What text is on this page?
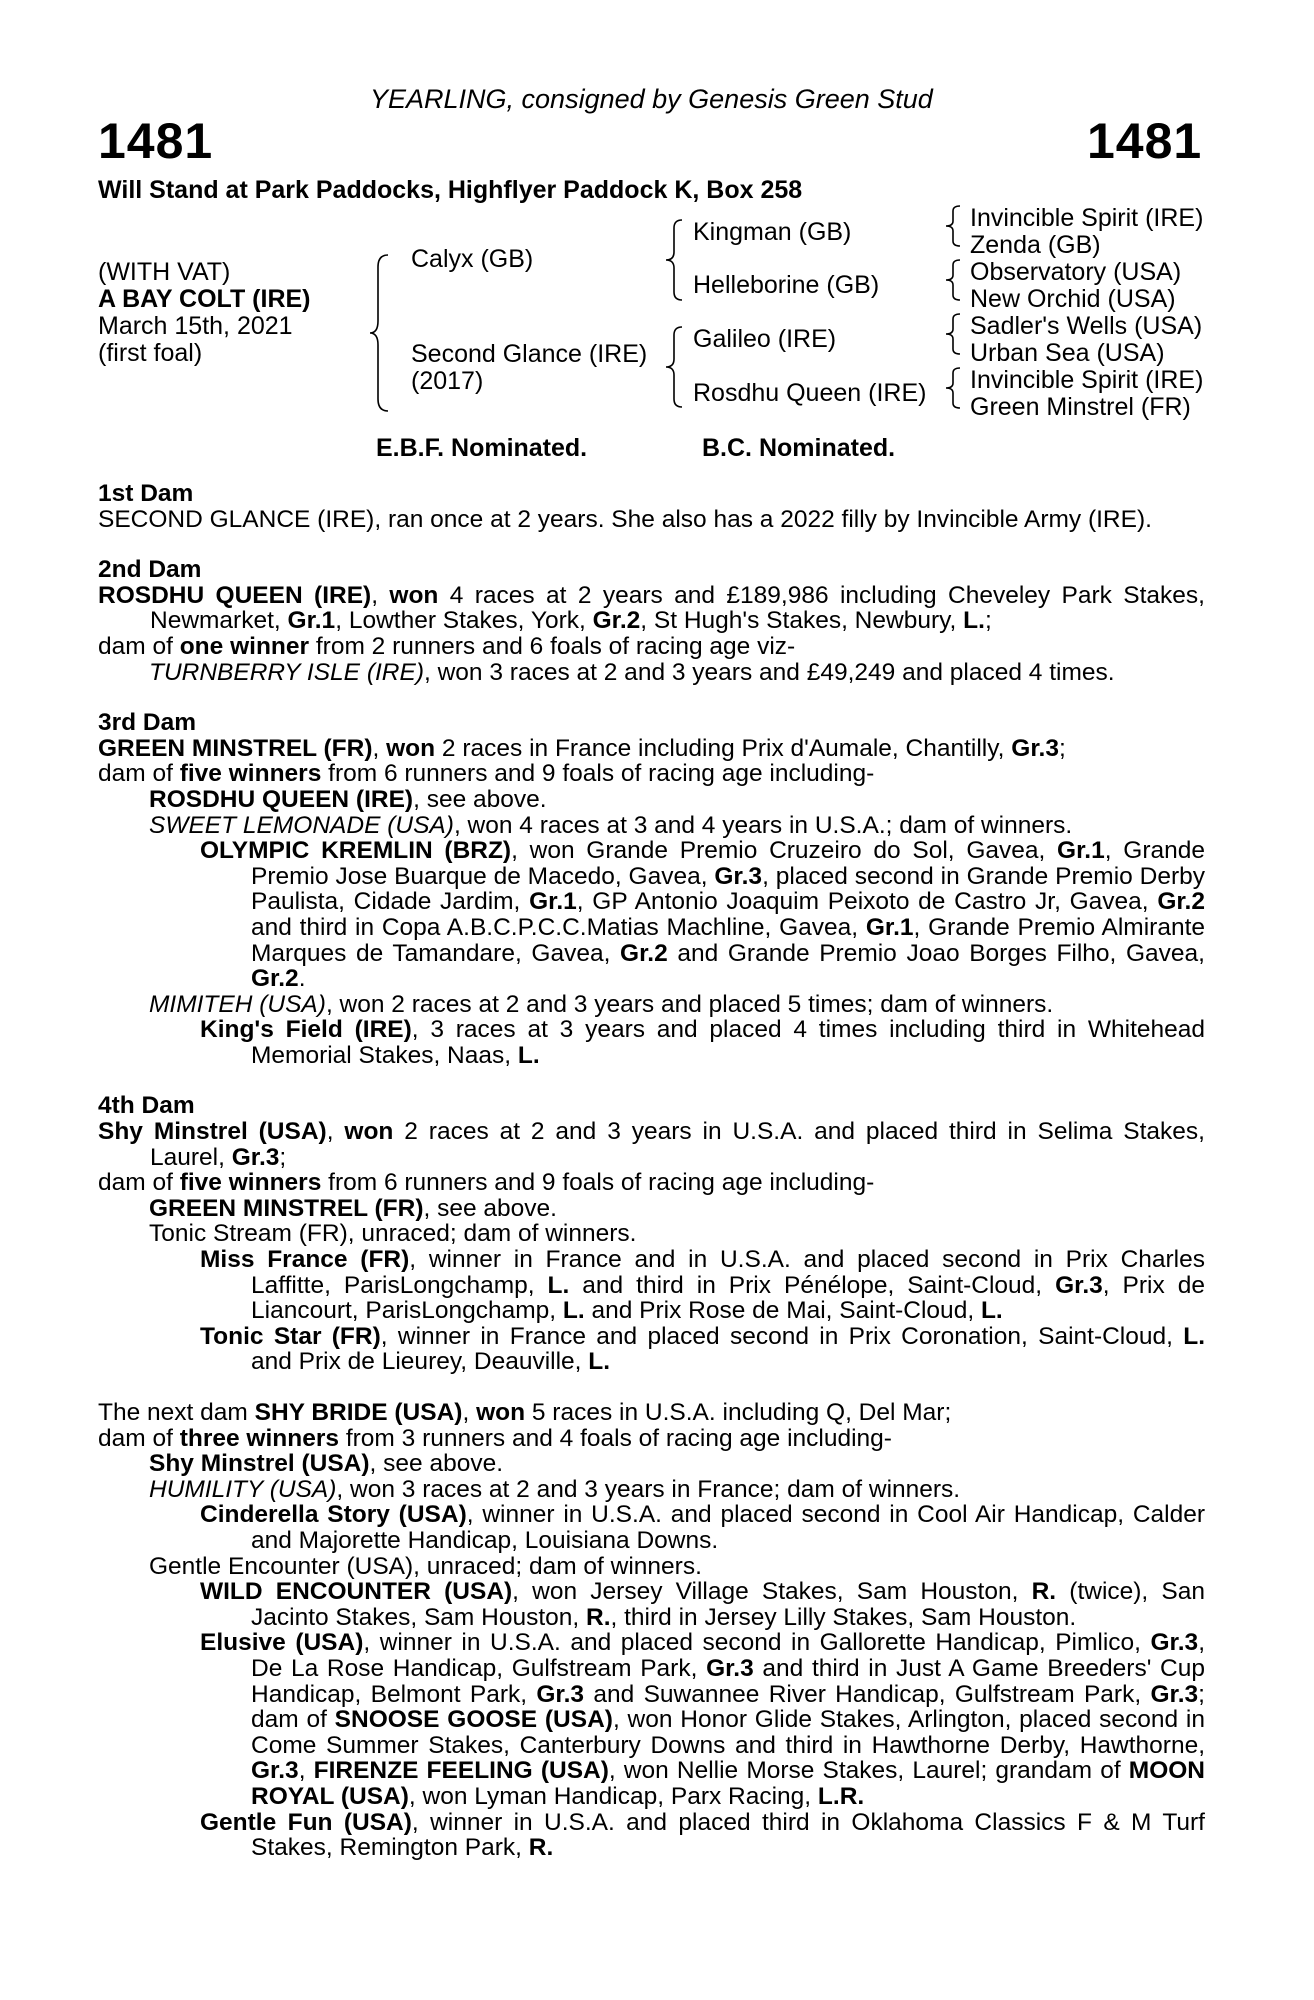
YEARLING, consigned by Genesis Green Stud
1481	1481
Will Stand at Park Paddocks, Highflyer Paddock K, Box 258
(WITH VAT)
A BAY COLT (IRE)
March 15th, 2021
(first foal)
Calyx (GB)
Second Glance (IRE)
(2017)
Kingman (GB)
Helleborine (GB)
Galileo (IRE)
Rosdhu Queen (IRE)
Invincible Spirit (IRE)
Zenda (GB)
Observatory (USA)
New Orchid (USA)
Sadler's Wells (USA)
Urban Sea (USA)
Invincible Spirit (IRE)
Green Minstrel (FR)
E.B.F. Nominated.	B.C. Nominated.
1st Dam

SECOND GLANCE (IRE), ran once at 2 years. She also has a 2022 filly by Invincible Army (IRE).

2nd Dam

ROSDHU QUEEN (IRE), won 4 races at 2 years and £189,986 including Cheveley Park Stakes, Newmarket, Gr.1, Lowther Stakes, York, Gr.2, St Hugh's Stakes, Newbury, L.;

dam of one winner from 2 runners and 6 foals of racing age viz-

TURNBERRY ISLE (IRE), won 3 races at 2 and 3 years and £49,249 and placed 4 times.

3rd Dam

GREEN MINSTREL (FR), won 2 races in France including Prix d'Aumale, Chantilly, Gr.3;

dam of five winners from 6 runners and 9 foals of racing age including-

ROSDHU QUEEN (IRE), see above.

SWEET LEMONADE (USA), won 4 races at 3 and 4 years in U.S.A.; dam of winners.

OLYMPIC KREMLIN (BRZ), won Grande Premio Cruzeiro do Sol, Gavea, Gr.1, Grande Premio Jose Buarque de Macedo, Gavea, Gr.3, placed second in Grande Premio Derby Paulista, Cidade Jardim, Gr.1, GP Antonio Joaquim Peixoto de Castro Jr, Gavea, Gr.2 and third in Copa A.B.C.P.C.C.Matias Machline, Gavea, Gr.1, Grande Premio Almirante Marques de Tamandare, Gavea, Gr.2 and Grande Premio Joao Borges Filho, Gavea, Gr.2.

MIMITEH (USA), won 2 races at 2 and 3 years and placed 5 times; dam of winners.

King's Field (IRE), 3 races at 3 years and placed 4 times including third in Whitehead Memorial Stakes, Naas, L.

4th Dam

Shy Minstrel (USA), won 2 races at 2 and 3 years in U.S.A. and placed third in Selima Stakes, Laurel, Gr.3;

dam of five winners from 6 runners and 9 foals of racing age including-

GREEN MINSTREL (FR), see above.

Tonic Stream (FR), unraced; dam of winners.

Miss France (FR), winner in France and in U.S.A. and placed second in Prix Charles Laffitte, ParisLongchamp, L. and third in Prix Pénélope, Saint-Cloud, Gr.3, Prix de Liancourt, ParisLongchamp, L. and Prix Rose de Mai, Saint-Cloud, L.

Tonic Star (FR), winner in France and placed second in Prix Coronation, Saint-Cloud, L. and Prix de Lieurey, Deauville, L.

The next dam SHY BRIDE (USA), won 5 races in U.S.A. including Q, Del Mar;

dam of three winners from 3 runners and 4 foals of racing age including-

Shy Minstrel (USA), see above.

HUMILITY (USA), won 3 races at 2 and 3 years in France; dam of winners.

Cinderella Story (USA), winner in U.S.A. and placed second in Cool Air Handicap, Calder and Majorette Handicap, Louisiana Downs.

Gentle Encounter (USA), unraced; dam of winners.

WILD ENCOUNTER (USA), won Jersey Village Stakes, Sam Houston, R. (twice), San Jacinto Stakes, Sam Houston, R., third in Jersey Lilly Stakes, Sam Houston.

Elusive (USA), winner in U.S.A. and placed second in Gallorette Handicap, Pimlico, Gr.3, De La Rose Handicap, Gulfstream Park, Gr.3 and third in Just A Game Breeders' Cup Handicap, Belmont Park, Gr.3 and Suwannee River Handicap, Gulfstream Park, Gr.3; dam of SNOOSE GOOSE (USA), won Honor Glide Stakes, Arlington, placed second in Come Summer Stakes, Canterbury Downs and third in Hawthorne Derby, Hawthorne, Gr.3, FIRENZE FEELING (USA), won Nellie Morse Stakes, Laurel; grandam of MOON ROYAL (USA), won Lyman Handicap, Parx Racing, L.R.

Gentle Fun (USA), winner in U.S.A. and placed third in Oklahoma Classics F & M Turf Stakes, Remington Park, R.
